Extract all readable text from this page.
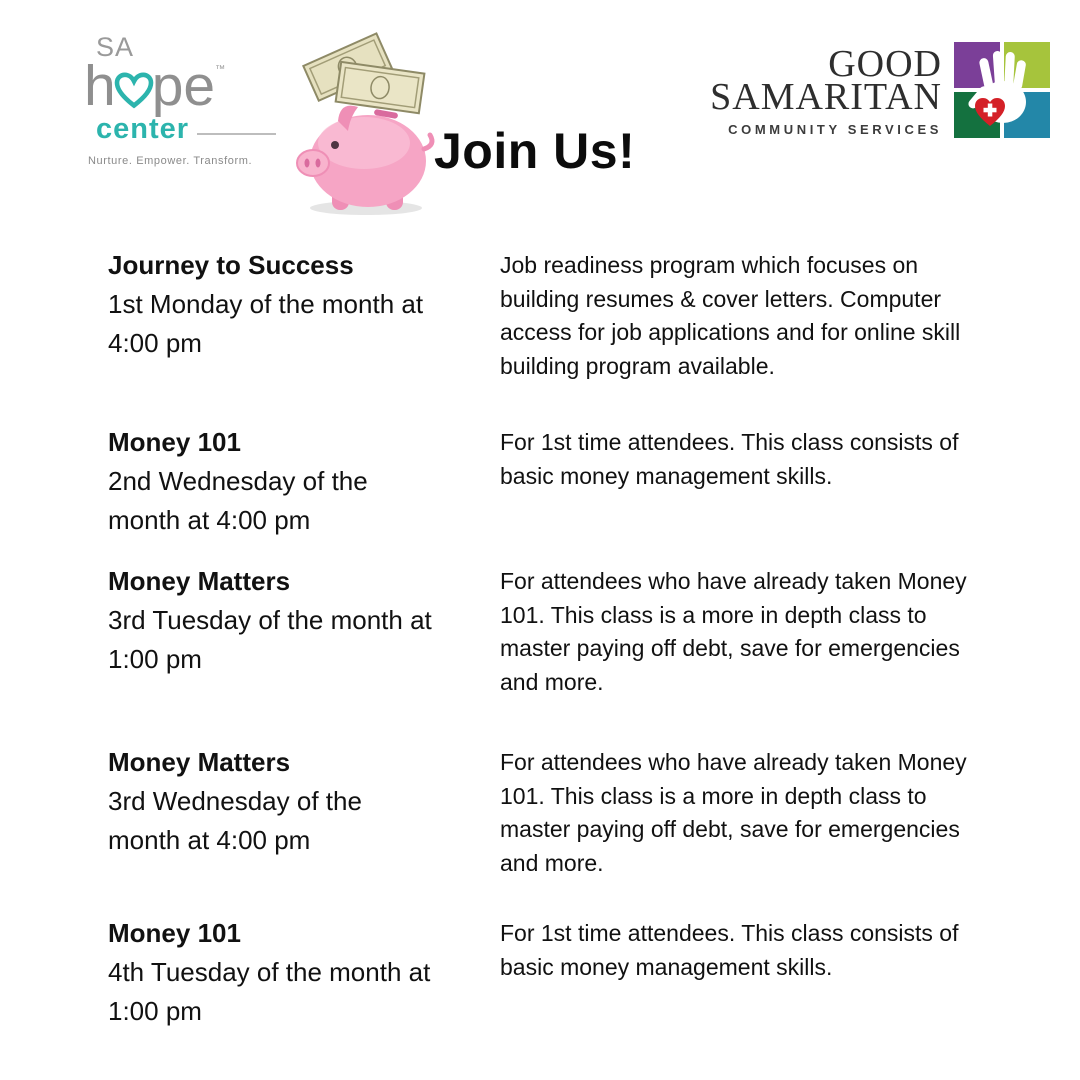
SA
h pe ™
center
Nurture. Empower. Transform.	Join Us!
GOOD
SAMARITAN
COMMUNITY SERVICES
Journey to Success
1st Monday of the month at 4:00 pm
Job readiness program which focuses on building resumes & cover letters. Computer access for job applications and for online skill building program available.
Money 101
2nd Wednesday of the month at 4:00 pm
For 1st time attendees. This class consists of basic money management skills.
Money Matters
3rd Tuesday of the month at 1:00 pm
For attendees who have already taken Money 101. This class is a more in depth class to master paying off debt, save for emergencies and more.
Money Matters
3rd Wednesday of the month at 4:00 pm
For attendees who have already taken Money 101. This class is a more in depth class to master paying off debt, save for emergencies and more.
Money 101
4th Tuesday of the month at 1:00 pm
For 1st time attendees. This class consists of basic money management skills.
